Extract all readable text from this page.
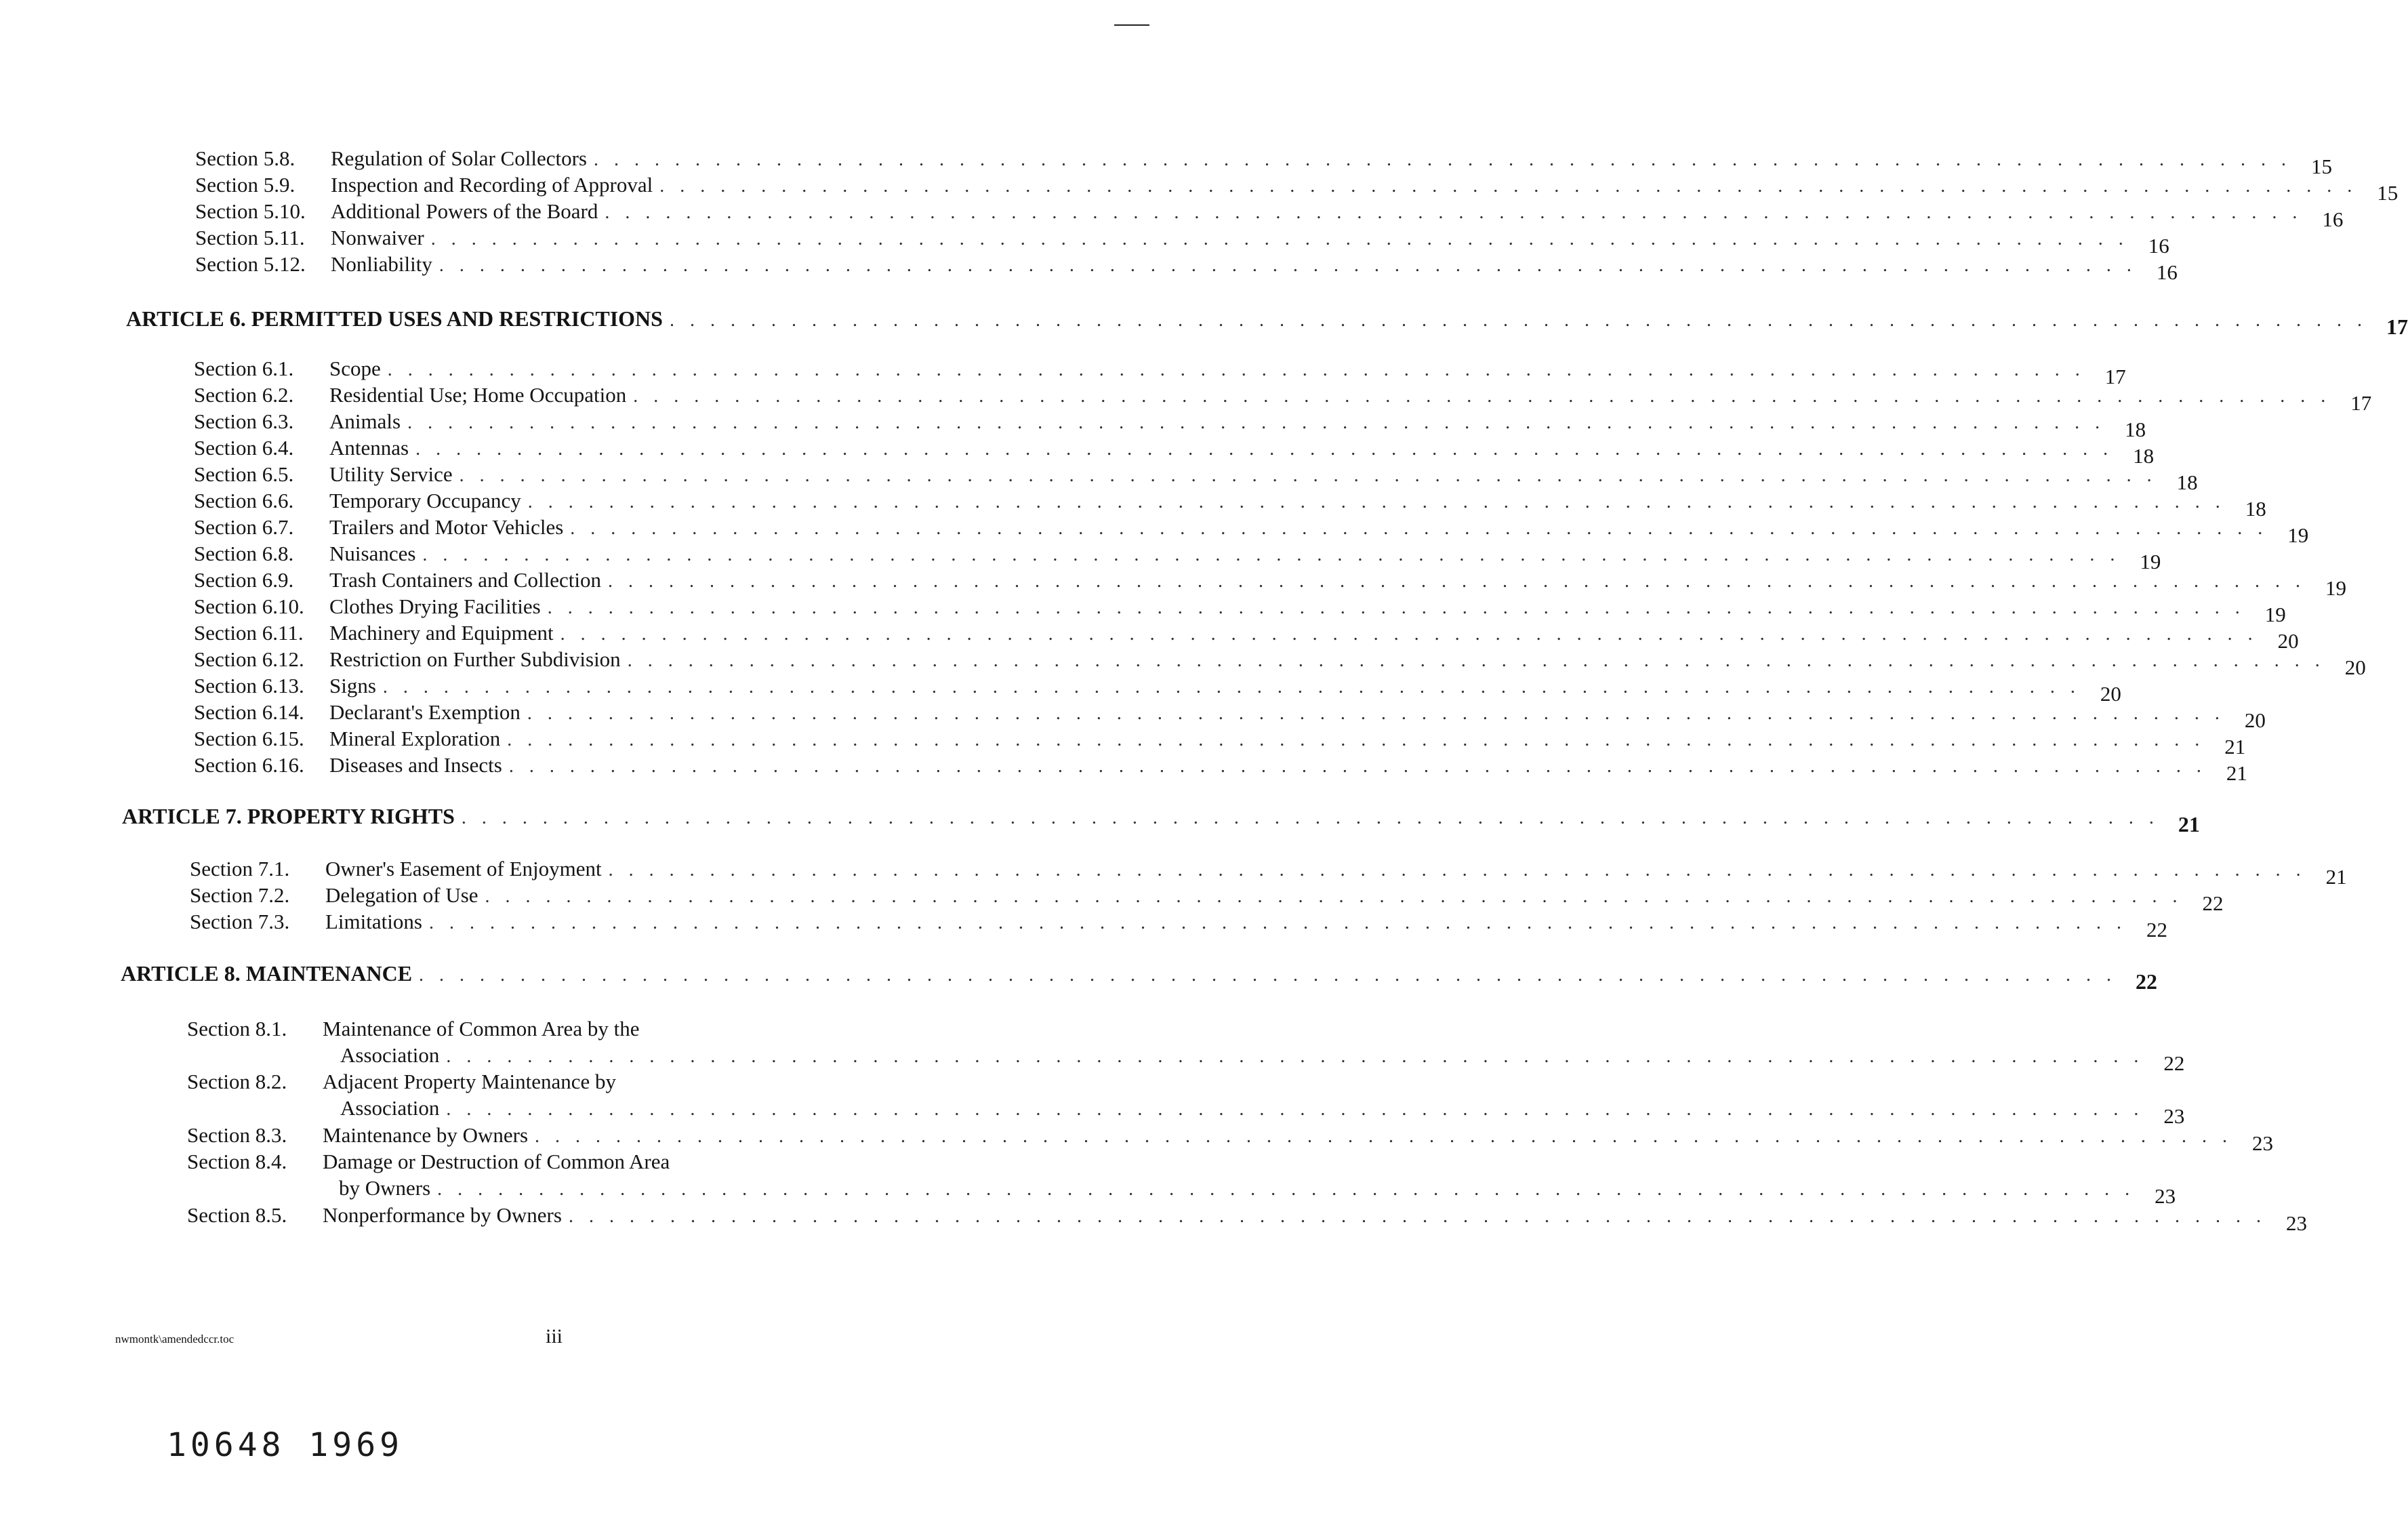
Section 5.8. Regulation of Solar Collectors . . . . . . . . . . . . . . . . . . . . . . . . . . . . . . . . . . . . . . . . . . . . . . . . . . . . . . . . . . . . . . . . . . . . . . . . . . . . . . . . . . . . 15
Section 5.9. Inspection and Recording of Approval . . . . . . . . . . . . . . . . . . . . . . . . . . . . . . . . . . . . . . . . . . . . . . . . . . . . . . . . . . . . . . . . . . . . . . . . . . . . . . . . . . . . 15
Section 5.10. Additional Powers of the Board . . . . . . . . . . . . . . . . . . . . . . . . . . . . . . . . . . . . . . . . . . . . . . . . . . . . . . . . . . . . . . . . . . . . . . . . . . . . . . . . . . . . 16
Section 5.11. Nonwaiver . . . . . . . . . . . . . . . . . . . . . . . . . . . . . . . . . . . . . . . . . . . . . . . . . . . . . . . . . . . . . . . . . . . . . . . . . . . . . . . . . . . . 16
Section 5.12. Nonliability . . . . . . . . . . . . . . . . . . . . . . . . . . . . . . . . . . . . . . . . . . . . . . . . . . . . . . . . . . . . . . . . . . . . . . . . . . . . . . . . . . . . 16
ARTICLE 6. PERMITTED USES AND RESTRICTIONS . . . . . . . . . . . . . . . . . . . . . . . . . . . . . . . . . . . . . . . . . . . . . . . . . . . . . . . . . . . . . . . . . . . . . . . . . . . . . . . . . . . . 17
Section 6.1. Scope . . . . . . . . . . . . . . . . . . . . . . . . . . . . . . . . . . . . . . . . . . . . . . . . . . . . . . . . . . . . . . . . . . . . . . . . . . . . . . . . . . . . 17
Section 6.2. Residential Use; Home Occupation . . . . . . . . . . . . . . . . . . . . . . . . . . . . . . . . . . . . . . . . . . . . . . . . . . . . . . . . . . . . . . . . . . . . . . . . . . . . . . . . . . . . 17
Section 6.3. Animals . . . . . . . . . . . . . . . . . . . . . . . . . . . . . . . . . . . . . . . . . . . . . . . . . . . . . . . . . . . . . . . . . . . . . . . . . . . . . . . . . . . . 18
Section 6.4. Antennas . . . . . . . . . . . . . . . . . . . . . . . . . . . . . . . . . . . . . . . . . . . . . . . . . . . . . . . . . . . . . . . . . . . . . . . . . . . . . . . . . . . . 18
Section 6.5. Utility Service . . . . . . . . . . . . . . . . . . . . . . . . . . . . . . . . . . . . . . . . . . . . . . . . . . . . . . . . . . . . . . . . . . . . . . . . . . . . . . . . . . . . 18
Section 6.6. Temporary Occupancy . . . . . . . . . . . . . . . . . . . . . . . . . . . . . . . . . . . . . . . . . . . . . . . . . . . . . . . . . . . . . . . . . . . . . . . . . . . . . . . . . . . . 18
Section 6.7. Trailers and Motor Vehicles . . . . . . . . . . . . . . . . . . . . . . . . . . . . . . . . . . . . . . . . . . . . . . . . . . . . . . . . . . . . . . . . . . . . . . . . . . . . . . . . . . . . 19
Section 6.8. Nuisances . . . . . . . . . . . . . . . . . . . . . . . . . . . . . . . . . . . . . . . . . . . . . . . . . . . . . . . . . . . . . . . . . . . . . . . . . . . . . . . . . . . . 19
Section 6.9. Trash Containers and Collection . . . . . . . . . . . . . . . . . . . . . . . . . . . . . . . . . . . . . . . . . . . . . . . . . . . . . . . . . . . . . . . . . . . . . . . . . . . . . . . . . . . . 19
Section 6.10. Clothes Drying Facilities . . . . . . . . . . . . . . . . . . . . . . . . . . . . . . . . . . . . . . . . . . . . . . . . . . . . . . . . . . . . . . . . . . . . . . . . . . . . . . . . . . . . 19
Section 6.11. Machinery and Equipment . . . . . . . . . . . . . . . . . . . . . . . . . . . . . . . . . . . . . . . . . . . . . . . . . . . . . . . . . . . . . . . . . . . . . . . . . . . . . . . . . . . . 20
Section 6.12. Restriction on Further Subdivision . . . . . . . . . . . . . . . . . . . . . . . . . . . . . . . . . . . . . . . . . . . . . . . . . . . . . . . . . . . . . . . . . . . . . . . . . . . . . . . . . . . . 20
Section 6.13. Signs . . . . . . . . . . . . . . . . . . . . . . . . . . . . . . . . . . . . . . . . . . . . . . . . . . . . . . . . . . . . . . . . . . . . . . . . . . . . . . . . . . . . 20
Section 6.14. Declarant's Exemption . . . . . . . . . . . . . . . . . . . . . . . . . . . . . . . . . . . . . . . . . . . . . . . . . . . . . . . . . . . . . . . . . . . . . . . . . . . . . . . . . . . . 20
Section 6.15. Mineral Exploration . . . . . . . . . . . . . . . . . . . . . . . . . . . . . . . . . . . . . . . . . . . . . . . . . . . . . . . . . . . . . . . . . . . . . . . . . . . . . . . . . . . . 21
Section 6.16. Diseases and Insects . . . . . . . . . . . . . . . . . . . . . . . . . . . . . . . . . . . . . . . . . . . . . . . . . . . . . . . . . . . . . . . . . . . . . . . . . . . . . . . . . . . . 21
ARTICLE 7. PROPERTY RIGHTS . . . . . . . . . . . . . . . . . . . . . . . . . . . . . . . . . . . . . . . . . . . . . . . . . . . . . . . . . . . . . . . . . . . . . . . . . . . . . . . . . . . . 21
Section 7.1. Owner's Easement of Enjoyment . . . . . . . . . . . . . . . . . . . . . . . . . . . . . . . . . . . . . . . . . . . . . . . . . . . . . . . . . . . . . . . . . . . . . . . . . . . . . . . . . . . . 21
Section 7.2. Delegation of Use . . . . . . . . . . . . . . . . . . . . . . . . . . . . . . . . . . . . . . . . . . . . . . . . . . . . . . . . . . . . . . . . . . . . . . . . . . . . . . . . . . . . 22
Section 7.3. Limitations . . . . . . . . . . . . . . . . . . . . . . . . . . . . . . . . . . . . . . . . . . . . . . . . . . . . . . . . . . . . . . . . . . . . . . . . . . . . . . . . . . . . 22
ARTICLE 8. MAINTENANCE . . . . . . . . . . . . . . . . . . . . . . . . . . . . . . . . . . . . . . . . . . . . . . . . . . . . . . . . . . . . . . . . . . . . . . . . . . . . . . . . . . . . 22
Section 8.1. Maintenance of Common Area by the
Association . . . . . . . . . . . . . . . . . . . . . . . . . . . . . . . . . . . . . . . . . . . . . . . . . . . . . . . . . . . . . . . . . . . . . . . . . . . . . . . . . . . . 22
Section 8.2. Adjacent Property Maintenance by
Association . . . . . . . . . . . . . . . . . . . . . . . . . . . . . . . . . . . . . . . . . . . . . . . . . . . . . . . . . . . . . . . . . . . . . . . . . . . . . . . . . . . . 23
Section 8.3. Maintenance by Owners . . . . . . . . . . . . . . . . . . . . . . . . . . . . . . . . . . . . . . . . . . . . . . . . . . . . . . . . . . . . . . . . . . . . . . . . . . . . . . . . . . . . 23
Section 8.4. Damage or Destruction of Common Area
by Owners . . . . . . . . . . . . . . . . . . . . . . . . . . . . . . . . . . . . . . . . . . . . . . . . . . . . . . . . . . . . . . . . . . . . . . . . . . . . . . . . . . . . 23
Section 8.5. Nonperformance by Owners . . . . . . . . . . . . . . . . . . . . . . . . . . . . . . . . . . . . . . . . . . . . . . . . . . . . . . . . . . . . . . . . . . . . . . . . . . . . . . . . . . . . 23
nwmontk\amendedccr.toc	iii
10648 1969
